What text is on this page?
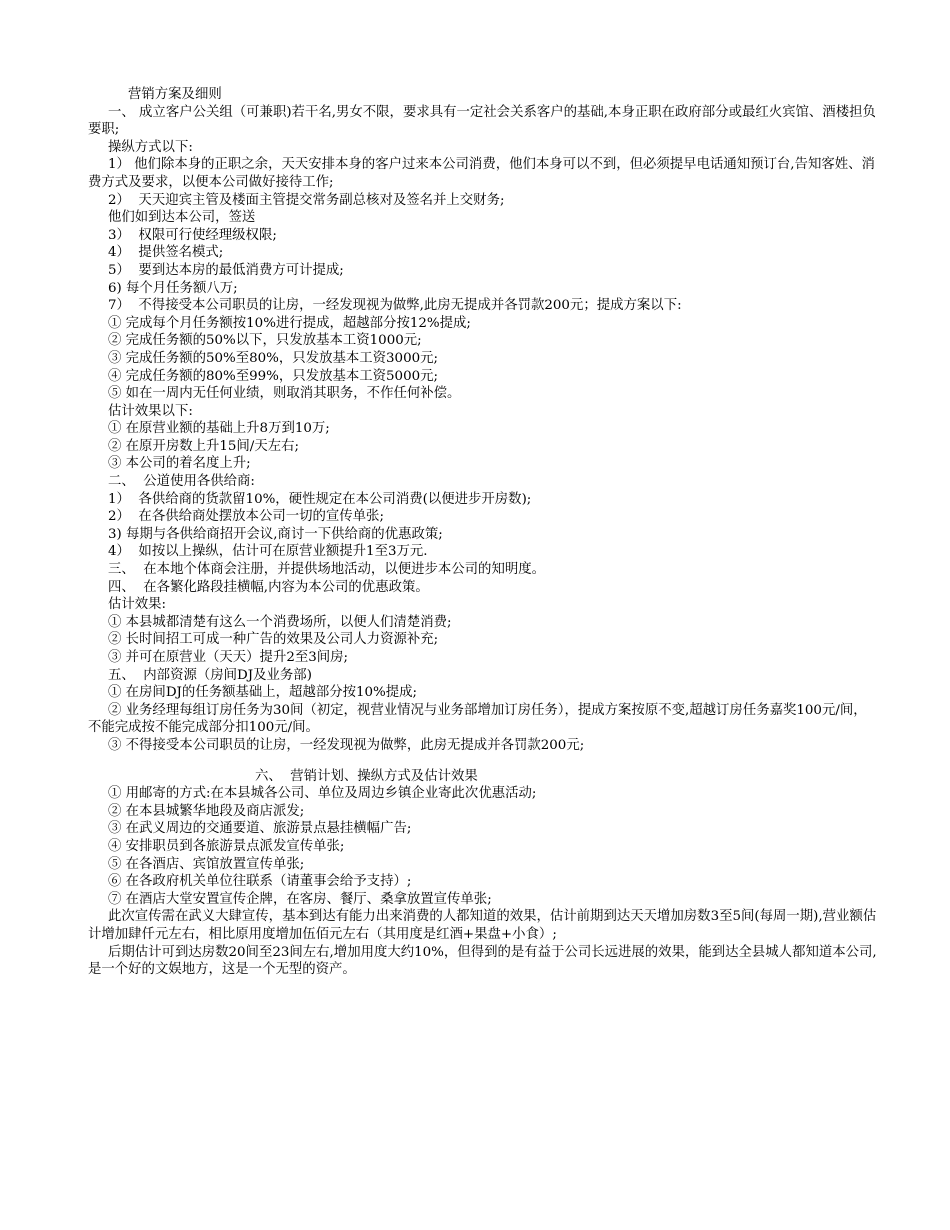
营销方案及细则
一、 成立客户公关组（可兼职)若干名,男女不限，要求具有一定社会关系客户的基础,本身正职在政府部分或最红火宾馆、酒楼担负要职;
操纵方式以下:
1） 他们除本身的正职之余，天天安排本身的客户过来本公司消费，他们本身可以不到，但必须提早电话通知预订台,告知客姓、消费方式及要求，以便本公司做好接待工作;
2）  天天迎宾主管及楼面主管提交常务副总核对及签名并上交财务;
他们如到达本公司，签送
3）  权限可行使经理级权限;
4）  提供签名模式;
5）  要到达本房的最低消费方可计提成;
6) 每个月任务额八万;
7）  不得接受本公司职员的让房，一经发现视为做弊,此房无提成并各罚款200元；提成方案以下:
① 完成每个月任务额按10%进行提成，超越部分按12%提成;
② 完成任务额的50%以下，只发放基本工资1000元;
③ 完成任务额的50%至80%，只发放基本工资3000元;
④ 完成任务额的80%至99%，只发放基本工资5000元;
⑤ 如在一周内无任何业绩，则取消其职务，不作任何补偿。
估计效果以下:
① 在原营业额的基础上升8万到10万;
② 在原开房数上升15间/天左右;
③ 本公司的着名度上升;
二、  公道使用各供给商:
1）  各供给商的货款留10%，硬性规定在本公司消费(以便进步开房数);
2）  在各供给商处摆放本公司一切的宣传单张;
3) 每期与各供给商招开会议,商讨一下供给商的优惠政策;
4）  如按以上操纵，估计可在原营业额提升1至3万元.
三、  在本地个体商会注册，并提供场地活动，以便进步本公司的知明度。
四、  在各繁化路段挂横幅,内容为本公司的优惠政策。
估计效果:
① 本县城都清楚有这么一个消费场所，以便人们清楚消费;
② 长时间招工可成一种广告的效果及公司人力资源补充;
③ 并可在原营业（天天）提升2至3间房;
五、  内部资源（房间DJ及业务部)
① 在房间DJ的任务额基础上，超越部分按10%提成;
② 业务经理每组订房任务为30间（初定，视营业情况与业务部增加订房任务），提成方案按原不变,超越订房任务嘉奖100元/间，不能完成按不能完成部分扣100元/间。
③ 不得接受本公司职员的让房，一经发现视为做弊，此房无提成并各罚款200元;
六、  营销计划、操纵方式及估计效果
① 用邮寄的方式:在本县城各公司、单位及周边乡镇企业寄此次优惠活动;
② 在本县城繁华地段及商店派发;
③ 在武义周边的交通要道、旅游景点悬挂横幅广告;
④ 安排职员到各旅游景点派发宣传单张;
⑤ 在各酒店、宾馆放置宣传单张;
⑥ 在各政府机关单位往联系（请董事会给予支持）;
⑦ 在酒店大堂安置宣传企牌，在客房、餐厅、桑拿放置宣传单张;
此次宣传需在武义大肆宣传，基本到达有能力出来消费的人都知道的效果，估计前期到达天天增加房数3至5间(每周一期),营业额估计增加肆仟元左右，相比原用度增加伍佰元左右（其用度是红酒+果盘+小食）;
后期估计可到达房数20间至23间左右,增加用度大约10%，但得到的是有益于公司长远进展的效果，能到达全县城人都知道本公司,是一个好的文娱地方，这是一个无型的资产。
